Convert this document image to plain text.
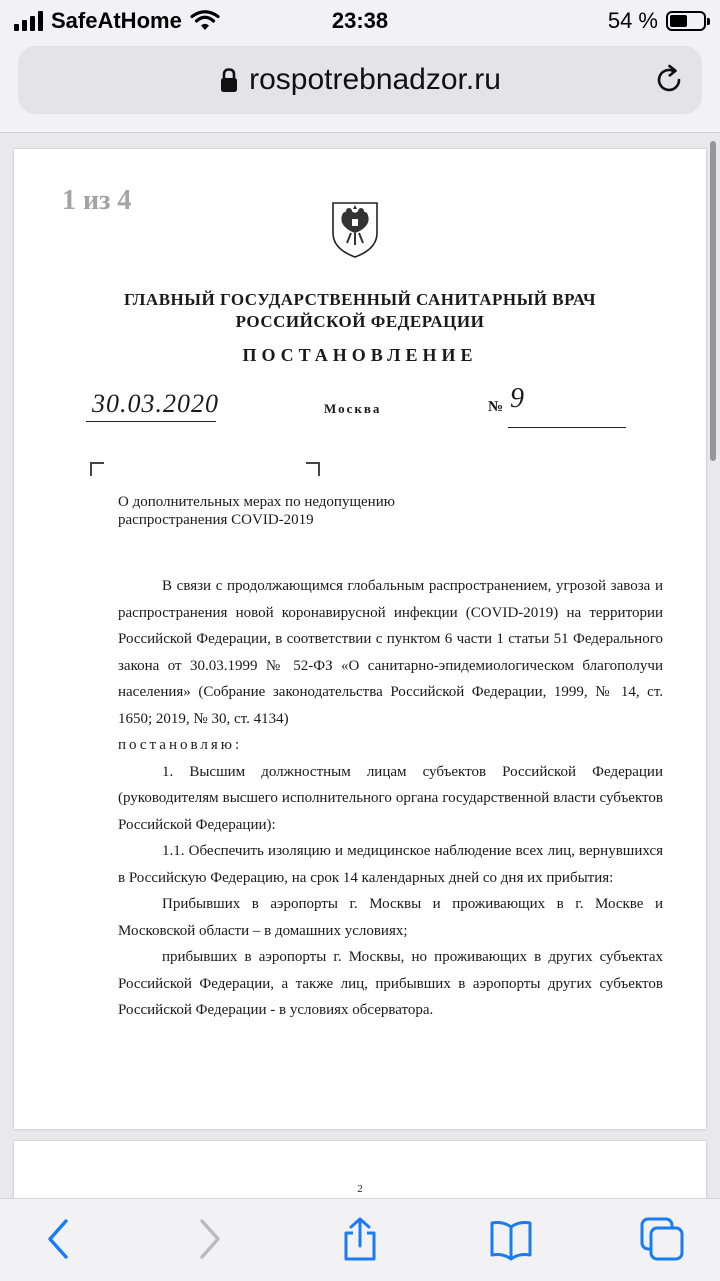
SafeAtHome	23:38	54 %
rospotrebnadzor.ru
1 из 4
ГЛАВНЫЙ ГОСУДАРСТВЕННЫЙ САНИТАРНЫЙ ВРАЧ
РОССИЙСКОЙ ФЕДЕРАЦИИ
ПОСТАНОВЛЕНИЕ
30.03.2020	Москва	№ 9
О дополнительных мерах по недопущению
распространения COVID-2019

В связи с продолжающимся глобальным распространением, угрозой завоза и распространения новой коронавирусной инфекции (COVID-2019) на территории Российской Федерации, в соответствии с пунктом 6 части 1 статьи 51 Федерального закона от 30.03.1999 № 52-ФЗ «О санитарно-эпидемиологическом благополучи населения» (Собрание законодательства Российской Федерации, 1999, № 14, ст. 1650; 2019, № 30, ст. 4134)

постановляю:

1. Высшим должностным лицам субъектов Российской Федерации (руководителям высшего исполнительного органа государственной власти субъектов Российской Федерации):

1.1. Обеспечить изоляцию и медицинское наблюдение всех лиц, вернувшихся в Российскую Федерацию, на срок 14 календарных дней со дня их прибытия:

Прибывших в аэропорты г. Москвы и проживающих в г. Москве и Московской области – в домашних условиях;

прибывших в аэропорты г. Москвы, но проживающих в других субъектах Российской Федерации, а также лиц, прибывших в аэропорты других субъектов Российской Федерации - в условиях обсерватора.

2
